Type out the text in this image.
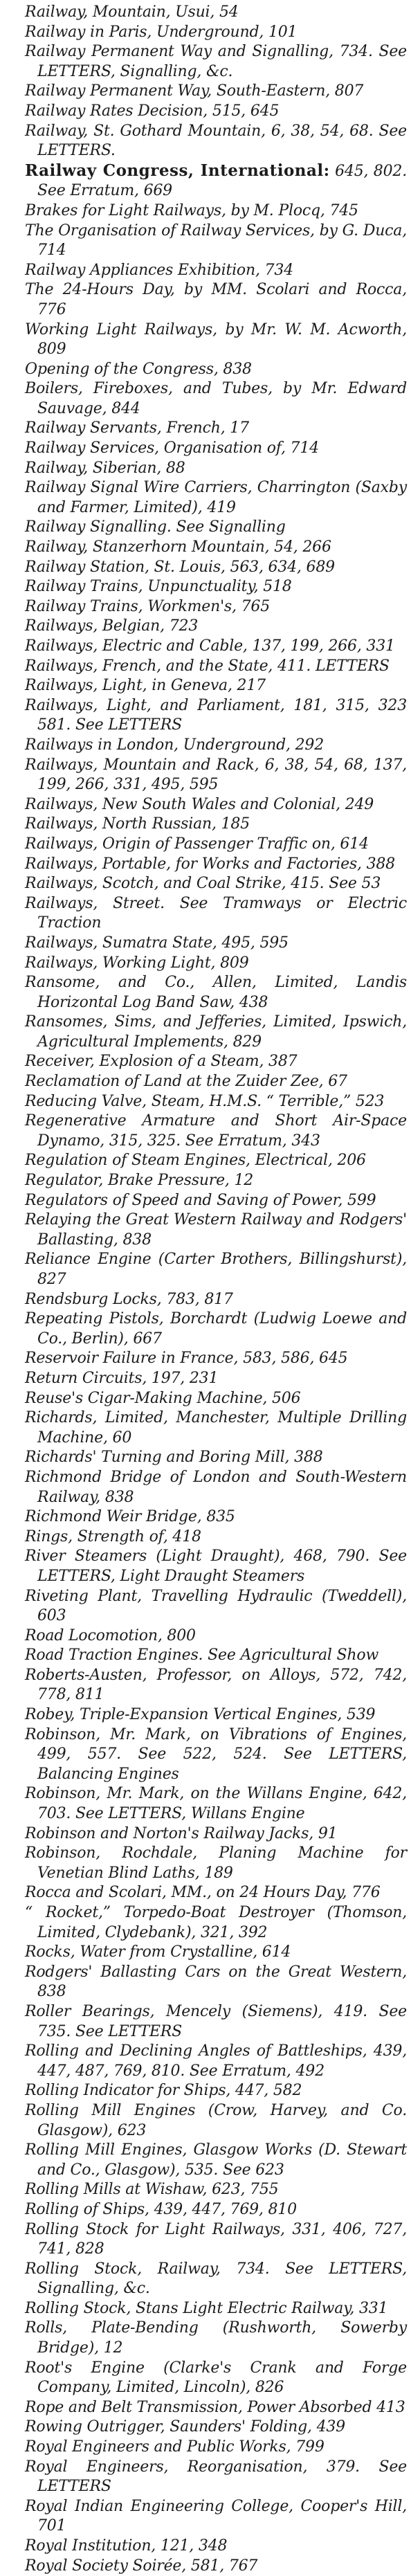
Railway, Mountain, Usui, 54
Railway in Paris, Underground, 101
Railway Permanent Way and Signalling, 734. See LETTERS, Signalling, &c.
Railway Permanent Way, South-Eastern, 807
Railway Rates Decision, 515, 645
Railway, St. Gothard Mountain, 6, 38, 54, 68. See LETTERS.
Railway Congress, International: 645, 802. See Erratum, 669
Brakes for Light Railways, by M. Plocq, 745
The Organisation of Railway Services, by G. Duca, 714
Railway Appliances Exhibition, 734
The 24-Hours Day, by MM. Scolari and Rocca, 776
Working Light Railways, by Mr. W. M. Acworth, 809
Opening of the Congress, 838
Boilers, Fireboxes, and Tubes, by Mr. Edward Sauvage, 844
Railway Servants, French, 17
Railway Services, Organisation of, 714
Railway, Siberian, 88
Railway Signal Wire Carriers, Charrington (Saxby and Farmer, Limited), 419
Railway Signalling. See Signalling
Railway, Stanzerhorn Mountain, 54, 266
Railway Station, St. Louis, 563, 634, 689
Railway Trains, Unpunctuality, 518
Railway Trains, Workmen's, 765
Railways, Belgian, 723
Railways, Electric and Cable, 137, 199, 266, 331
Railways, French, and the State, 411. LETTERS
Railways, Light, in Geneva, 217
Railways, Light, and Parliament, 181, 315, 323 581. See LETTERS
Railways in London, Underground, 292
Railways, Mountain and Rack, 6, 38, 54, 68, 137, 199, 266, 331, 495, 595
Railways, New South Wales and Colonial, 249
Railways, North Russian, 185
Railways, Origin of Passenger Traffic on, 614
Railways, Portable, for Works and Factories, 388
Railways, Scotch, and Coal Strike, 415. See 53
Railways, Street. See Tramways or Electric Traction
Railways, Sumatra State, 495, 595
Railways, Working Light, 809
Ransome, and Co., Allen, Limited, Landis Horizontal Log Band Saw, 438
Ransomes, Sims, and Jefferies, Limited, Ipswich, Agricultural Implements, 829
Receiver, Explosion of a Steam, 387
Reclamation of Land at the Zuider Zee, 67
Reducing Valve, Steam, H.M.S. “ Terrible,” 523
Regenerative Armature and Short Air-Space Dynamo, 315, 325. See Erratum, 343
Regulation of Steam Engines, Electrical, 206
Regulator, Brake Pressure, 12
Regulators of Speed and Saving of Power, 599
Relaying the Great Western Railway and Rodgers' Ballasting, 838
Reliance Engine (Carter Brothers, Billingshurst), 827
Rendsburg Locks, 783, 817
Repeating Pistols, Borchardt (Ludwig Loewe and Co., Berlin), 667
Reservoir Failure in France, 583, 586, 645
Return Circuits, 197, 231
Reuse's Cigar-Making Machine, 506
Richards, Limited, Manchester, Multiple Drilling Machine, 60
Richards' Turning and Boring Mill, 388
Richmond Bridge of London and South-Western Railway, 838
Richmond Weir Bridge, 835
Rings, Strength of, 418
River Steamers (Light Draught), 468, 790. See LETTERS, Light Draught Steamers
Riveting Plant, Travelling Hydraulic (Tweddell), 603
Road Locomotion, 800
Road Traction Engines. See Agricultural Show
Roberts-Austen, Professor, on Alloys, 572, 742, 778, 811
Robey, Triple-Expansion Vertical Engines, 539
Robinson, Mr. Mark, on Vibrations of Engines, 499, 557. See 522, 524. See LETTERS, Balancing Engines
Robinson, Mr. Mark, on the Willans Engine, 642, 703. See LETTERS, Willans Engine
Robinson and Norton's Railway Jacks, 91
Robinson, Rochdale, Planing Machine for Venetian Blind Laths, 189
Rocca and Scolari, MM., on 24 Hours Day, 776
“ Rocket,” Torpedo-Boat Destroyer (Thomson, Limited, Clydebank), 321, 392
Rocks, Water from Crystalline, 614
Rodgers' Ballasting Cars on the Great Western, 838
Roller Bearings, Mencely (Siemens), 419. See 735. See LETTERS
Rolling and Declining Angles of Battleships, 439, 447, 487, 769, 810. See Erratum, 492
Rolling Indicator for Ships, 447, 582
Rolling Mill Engines (Crow, Harvey, and Co. Glasgow), 623
Rolling Mill Engines, Glasgow Works (D. Stewart and Co., Glasgow), 535. See 623
Rolling Mills at Wishaw, 623, 755
Rolling of Ships, 439, 447, 769, 810
Rolling Stock for Light Railways, 331, 406, 727, 741, 828
Rolling Stock, Railway, 734. See LETTERS, Signalling, &c.
Rolling Stock, Stans Light Electric Railway, 331
Rolls, Plate-Bending (Rushworth, Sowerby Bridge), 12
Root's Engine (Clarke's Crank and Forge Company, Limited, Lincoln), 826
Rope and Belt Transmission, Power Absorbed 413
Rowing Outrigger, Saunders' Folding, 439
Royal Engineers and Public Works, 799
Royal Engineers, Reorganisation, 379. See LETTERS
Royal Indian Engineering College, Cooper's Hill, 701
Royal Institution, 121, 348
Royal Society Soirée, 581, 767
